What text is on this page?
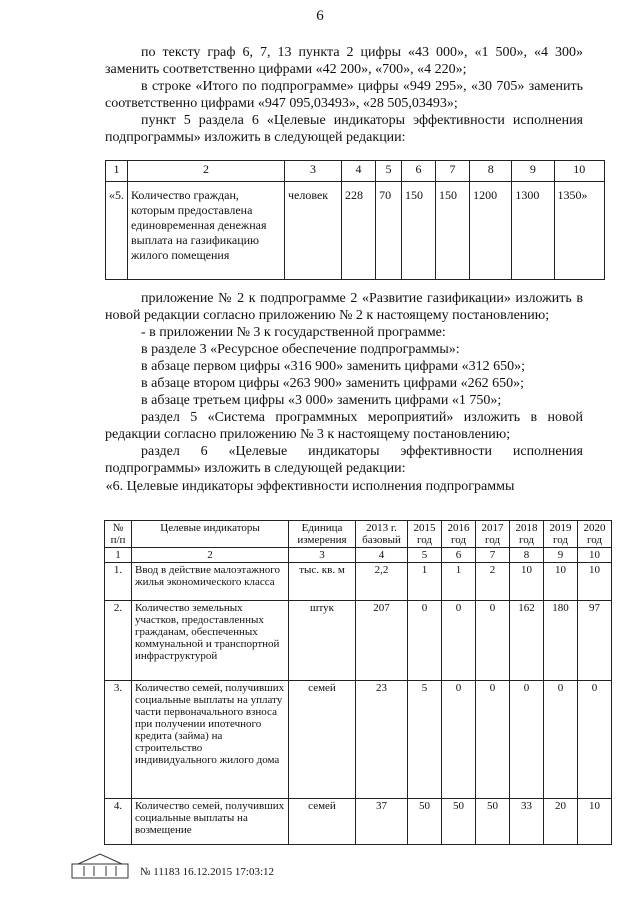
6

по тексту граф 6, 7, 13 пункта 2 цифры «43 000», «1 500», «4 300» заменить соответственно цифрами «42 200», «700», «4 220»;

в строке «Итого по подпрограмме» цифры «949 295», «30 705» заменить соответственно цифрами «947 095,03493», «28 505,03493»;

пункт 5 раздела 6 «Целевые индикаторы эффективности исполнения подпрограммы» изложить в следующей редакции:

1	2	3	4	5	6	7	8	9	10
«5.	Количество граждан, которым предоставлена единовременная денежная выплата на газификацию жилого помещения	человек	228	70	150	150	1200	1300	1350»

приложение № 2 к подпрограмме 2 «Развитие газификации» изложить в новой редакции согласно приложению № 2 к настоящему постановлению;

- в приложении № 3 к государственной программе:

в разделе 3 «Ресурсное обеспечение подпрограммы»:

в абзаце первом цифры «316 900» заменить цифрами «312 650»;

в абзаце втором цифры «263 900» заменить цифрами «262 650»;

в абзаце третьем цифры «3 000» заменить цифрами «1 750»;

раздел 5 «Система программных мероприятий» изложить в новой редакции согласно приложению № 3 к настоящему постановлению;

раздел 6 «Целевые индикаторы эффективности исполнения подпрограммы» изложить в следующей редакции:

«6. Целевые индикаторы эффективности исполнения подпрограммы
№ п/п	Целевые индикаторы	Единица измерения	2013 г. базовый	2015 год	2016 год	2017 год	2018 год	2019 год	2020 год
1	2	3	4	5	6	7	8	9	10
1.	Ввод в действие малоэтажного жилья экономического класса	тыс. кв. м	2,2	1	1	2	10	10	10
2.	Количество земельных участков, предоставленных гражданам, обеспеченных коммунальной и транспортной инфраструктурой	штук	207	0	0	0	162	180	97
3.	Количество семей, получивших социальные выплаты на уплату части первоначального взноса при получении ипотечного кредита (займа) на строительство индивидуального жилого дома	семей	23	5	0	0	0	0	0
4.	Количество семей, получивших социальные выплаты на возмещение	семей	37	50	50	50	33	20	10
№ 11183 16.12.2015 17:03:12
